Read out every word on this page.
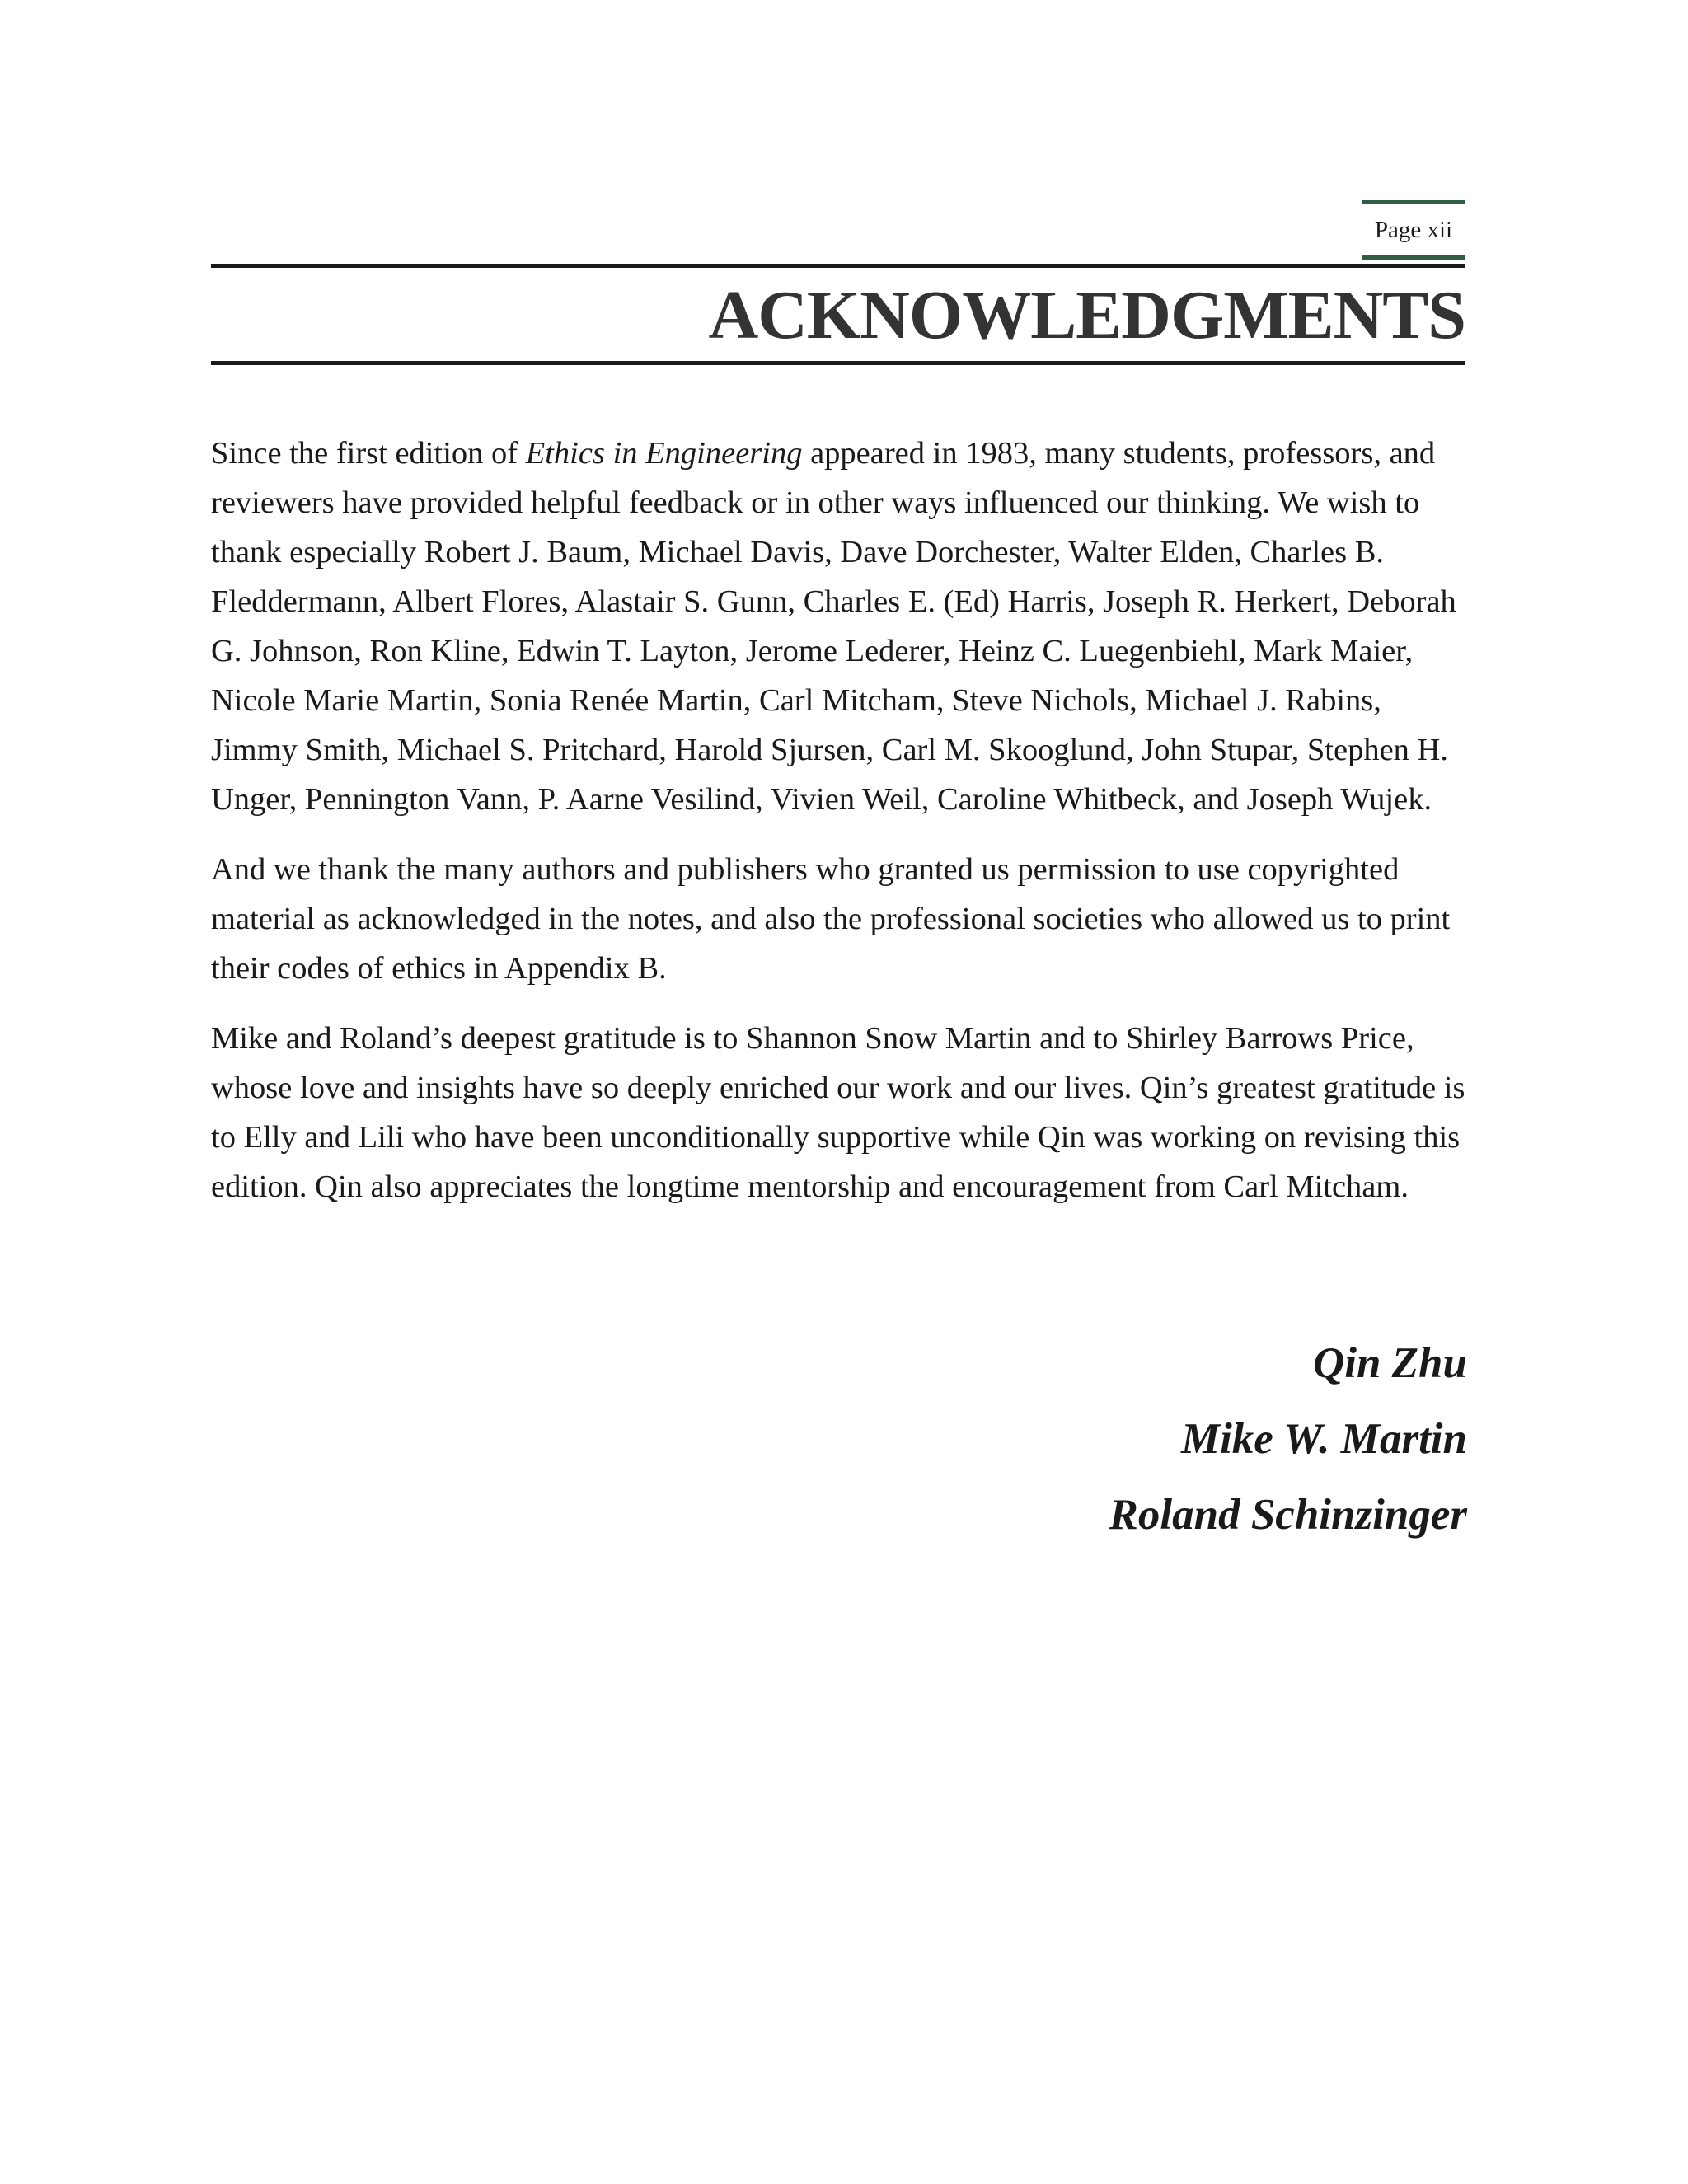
Page xii
ACKNOWLEDGMENTS

Since the first edition of Ethics in Engineering appeared in 1983, many students, professors, and reviewers have provided helpful feedback or in other ways influenced our thinking. We wish to thank especially Robert J. Baum, Michael Davis, Dave Dorchester, Walter Elden, Charles B. Fleddermann, Albert Flores, Alastair S. Gunn, Charles E. (Ed) Harris, Joseph R. Herkert, Deborah G. Johnson, Ron Kline, Edwin T. Layton, Jerome Lederer, Heinz C. Luegenbiehl, Mark Maier, Nicole Marie Martin, Sonia Renée Martin, Carl Mitcham, Steve Nichols, Michael J. Rabins, Jimmy Smith, Michael S. Pritchard, Harold Sjursen, Carl M. Skooglund, John Stupar, Stephen H. Unger, Pennington Vann, P. Aarne Vesilind, Vivien Weil, Caroline Whitbeck, and Joseph Wujek.

And we thank the many authors and publishers who granted us permission to use copyrighted material as acknowledged in the notes, and also the professional societies who allowed us to print their codes of ethics in Appendix B.

Mike and Roland’s deepest gratitude is to Shannon Snow Martin and to Shirley Barrows Price, whose love and insights have so deeply enriched our work and our lives. Qin’s greatest gratitude is to Elly and Lili who have been unconditionally supportive while Qin was working on revising this edition. Qin also appreciates the longtime mentorship and encouragement from Carl Mitcham.

Qin Zhu
Mike W. Martin
Roland Schinzinger
